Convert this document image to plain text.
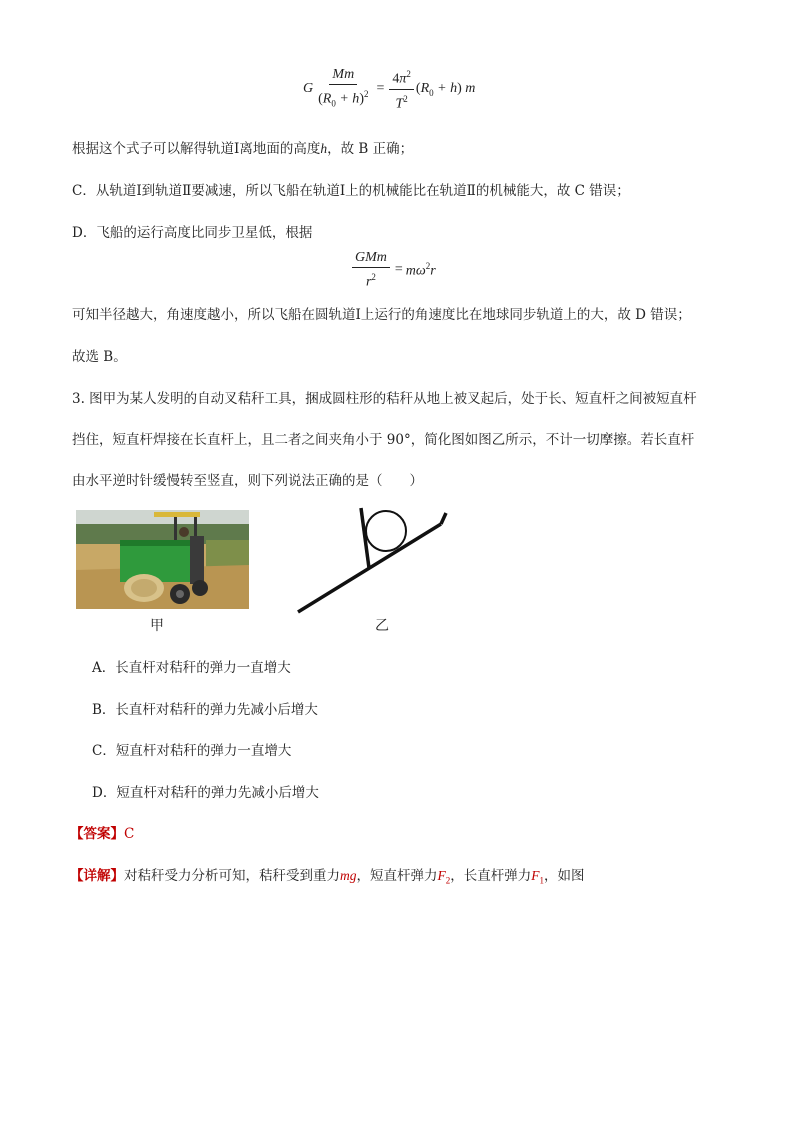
G $\frac{Mm}{(R_0 + h)^2} = \frac{4\pi^2}{T^2} (R_0 + h)$ m
根据这个式子可以解得轨道Ⅰ离地面的高度h，故 B 正确；
C．从轨道Ⅰ到轨道Ⅱ要减速，所以飞船在轨道Ⅰ上的机械能比在轨道Ⅱ的机械能大，故 C 错误；
D．飞船的运行高度比同步卫星低，根据
$\frac{\text{GMm}}{r^2} = m\omega^2r$
可知半径越大，角速度越小，所以飞船在圆轨道Ⅰ上运行的角速度比在地球同步轨道上的大，故 D 错误；
故选 B。
3. 图甲为某人发明的自动叉秸秆工具，捆成圆柱形的秸秆从地上被叉起后，处于长、短直杆之间被短直杆
挡住，短直杆焊接在长直杆上，且二者之间夹角小于 90°，简化图如图乙所示，不计一切摩擦。若长直杆
由水平逆时针缓慢转至竖直，则下列说法正确的是（　　）
甲	乙
A．长直杆对秸秆的弹力一直增大
B．长直杆对秸秆的弹力先减小后增大
C．短直杆对秸秆的弹力一直增大
D．短直杆对秸秆的弹力先减小后增大
【答案】C
【详解】对秸秆受力分析可知，秸秆受到重力mg，短直杆弹力$F_2$，长直杆弹力$F_1$，如图
